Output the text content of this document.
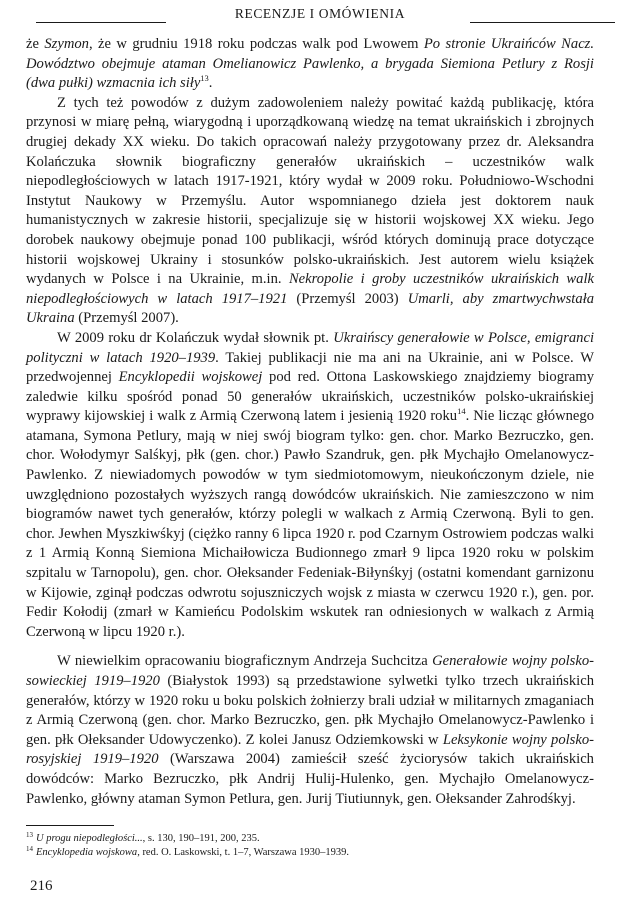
RECENZJE I OMÓWIENIA

że Szymon, że w grudniu 1918 roku podczas walk pod Lwowem Po stronie Ukraińców Nacz. Dowództwo obejmuje ataman Omelianowicz Pawlenko, a brygada Siemiona Petlury z Rosji (dwa pułki) wzmacnia ich siły$^{13}$.

Z tych też powodów z dużym zadowoleniem należy powitać każdą publikację, która przynosi w miarę pełną, wiarygodną i uporządkowaną wiedzę na temat ukraińskich i zbrojnych drugiej dekady XX wieku. Do takich opracowań należy przygotowany przez dr. Aleksandra Kolańczuka słownik biograficzny generałów ukraińskich – uczestników walk niepodległościowych w latach 1917-1921, który wydał w 2009 roku. Południowo-Wschodni Instytut Naukowy w Przemyślu. Autor wspomnianego dzieła jest doktorem nauk humanistycznych w zakresie historii, specjalizuje się w historii wojskowej XX wieku. Jego dorobek naukowy obejmuje ponad 100 publikacji, wśród których dominują prace dotyczące historii wojskowej Ukrainy i stosunków polsko-ukraińskich. Jest autorem wielu książek wydanych w Polsce i na Ukrainie, m.in. Nekropolie i groby uczestników ukraińskich walk niepodległościowych w latach 1917–1921 (Przemyśl 2003) Umarli, aby zmartwychwstała Ukraina (Przemyśl 2007).

W 2009 roku dr Kolańczuk wydał słownik pt. Ukraińscy generałowie w Polsce, emigranci polityczni w latach 1920–1939. Takiej publikacji nie ma ani na Ukrainie, ani w Polsce. W przedwojennej Encyklopedii wojskowej pod red. Ottona Laskowskiego znajdziemy biogramy zaledwie kilku spośród ponad 50 generałów ukraińskich, uczestników polsko-ukraińskiej wyprawy kijowskiej i walk z Armią Czerwoną latem i jesienią 1920 roku$^{14}$. Nie licząc głównego atamana, Symona Petlury, mają w niej swój biogram tylko: gen. chor. Marko Bezruczko, gen. chor. Wołodymyr Salśkyj, płk (gen. chor.) Pawło Szandruk, gen. płk Mychajło Omelanowycz-Pawlenko. Z niewiadomych powodów w tym siedmiotomowym, nieukończonym dziele, nie uwzględniono pozostałych wyższych rangą dowódców ukraińskich. Nie zamieszczono w nim biogramów nawet tych generałów, którzy polegli w walkach z Armią Czerwoną. Byli to gen. chor. Jewhen Myszkiwśkyj (ciężko ranny 6 lipca 1920 r. pod Czarnym Ostrowiem podczas walki z 1 Armią Konną Siemiona Michaiłowicza Budionnego zmarł 9 lipca 1920 roku w polskim szpitalu w Tarnopolu), gen. chor. Ołeksander Fedeniak-Biłynśkyj (ostatni komendant garnizonu w Kijowie, zginął podczas odwrotu sojuszniczych wojsk z miasta w czerwcu 1920 r.), gen. por. Fedir Kołodij (zmarł w Kamieńcu Podolskim wskutek ran odniesionych w walkach z Armią Czerwoną w lipcu 1920 r.).

W niewielkim opracowaniu biograficznym Andrzeja Suchcitza Generałowie wojny polsko-sowieckiej 1919–1920 (Białystok 1993) są przedstawione sylwetki tylko trzech ukraińskich generałów, którzy w 1920 roku u boku polskich żołnierzy brali udział w militarnych zmaganiach z Armią Czerwoną (gen. chor. Marko Bezruczko, gen. płk Mychajło Omelanowycz-Pawlenko i gen. płk Ołeksander Udowyczenko). Z kolei Janusz Odziemkowski w Leksykonie wojny polsko-rosyjskiej 1919–1920 (Warszawa 2004) zamieścił sześć życiorysów takich ukraińskich dowódców: Marko Bezruczko, płk Andrij Hulij-Hulenko, gen. Mychajło Omelanowycz-Pawlenko, główny ataman Symon Petlura, gen. Jurij Tiutiunnyk, gen. Ołeksander Zahrodśkyj.

$^{13}$ U progu niepodległości..., s. 130, 190–191, 200, 235.

$^{14}$ Encyklopedia wojskowa, red. O. Laskowski, t. 1–7, Warszawa 1930–1939.

216
